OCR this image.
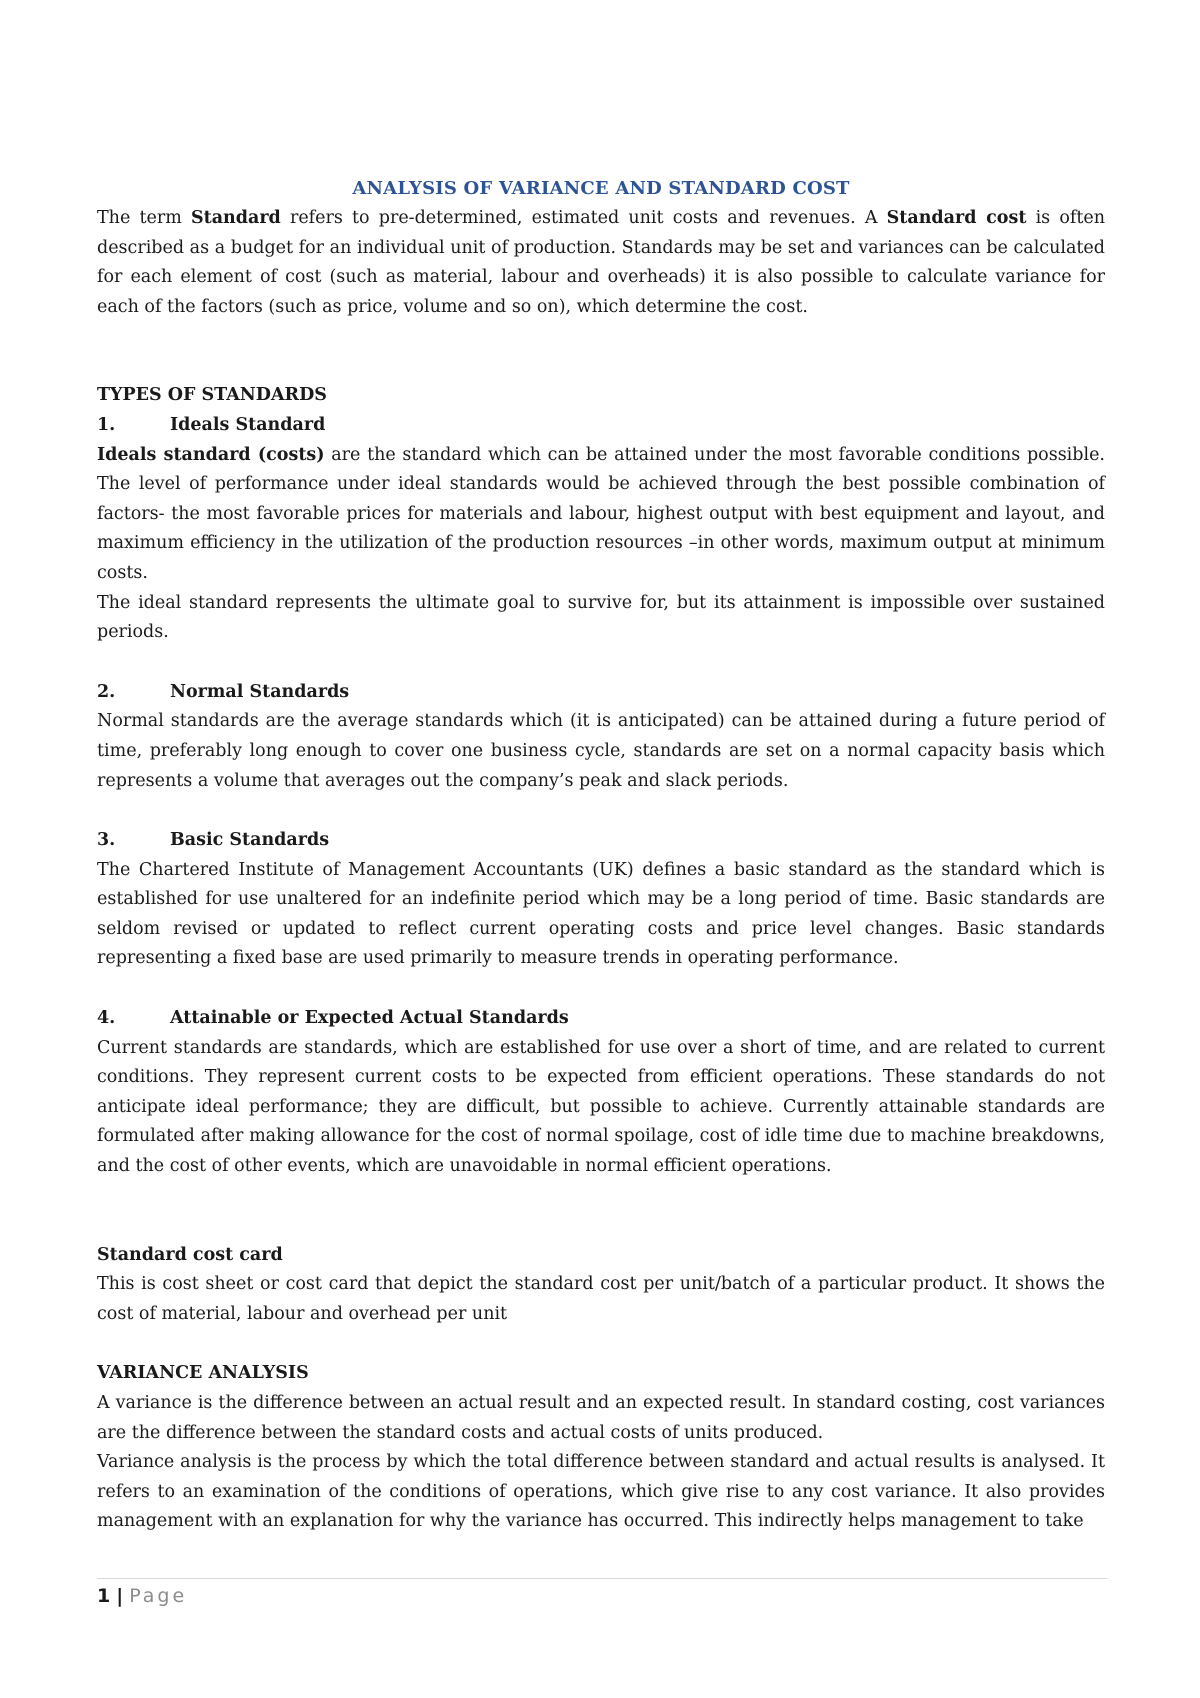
ANALYSIS OF VARIANCE AND STANDARD COST

The term Standard refers to pre-determined, estimated unit costs and revenues. A Standard cost is often described as a budget for an individual unit of production. Standards may be set and variances can be calculated for each element of cost (such as material, labour and overheads) it is also possible to calculate variance for each of the factors (such as price, volume and so on), which determine the cost.

TYPES OF STANDARDS

1.	Ideals Standard

Ideals standard (costs) are the standard which can be attained under the most favorable conditions possible. The level of performance under ideal standards would be achieved through the best possible combination of factors- the most favorable prices for materials and labour, highest output with best equipment and layout, and maximum efficiency in the utilization of the production resources –in other words, maximum output at minimum costs.

The ideal standard represents the ultimate goal to survive for, but its attainment is impossible over sustained periods.

2.	Normal Standards

Normal standards are the average standards which (it is anticipated) can be attained during a future period of time, preferably long enough to cover one business cycle, standards are set on a normal capacity basis which represents a volume that averages out the company’s peak and slack periods.

3.	Basic Standards

The Chartered Institute of Management Accountants (UK) defines a basic standard as the standard which is established for use unaltered for an indefinite period which may be a long period of time. Basic standards are seldom revised or updated to reflect current operating costs and price level changes. Basic standards representing a fixed base are used primarily to measure trends in operating performance.

4.	Attainable or Expected Actual Standards

Current standards are standards, which are established for use over a short of time, and are related to current conditions. They represent current costs to be expected from efficient operations. These standards do not anticipate ideal performance; they are difficult, but possible to achieve. Currently attainable standards are formulated after making allowance for the cost of normal spoilage, cost of idle time due to machine breakdowns, and the cost of other events, which are unavoidable in normal efficient operations.

Standard cost card

This is cost sheet or cost card that depict the standard cost per unit/batch of a particular product. It shows the cost of material, labour and overhead per unit

VARIANCE ANALYSIS

A variance is the difference between an actual result and an expected result. In standard costing, cost variances are the difference between the standard costs and actual costs of units produced.

Variance analysis is the process by which the total difference between standard and actual results is analysed. It refers to an examination of the conditions of operations, which give rise to any cost variance. It also provides management with an explanation for why the variance has occurred. This indirectly helps management to take

1 | Page
